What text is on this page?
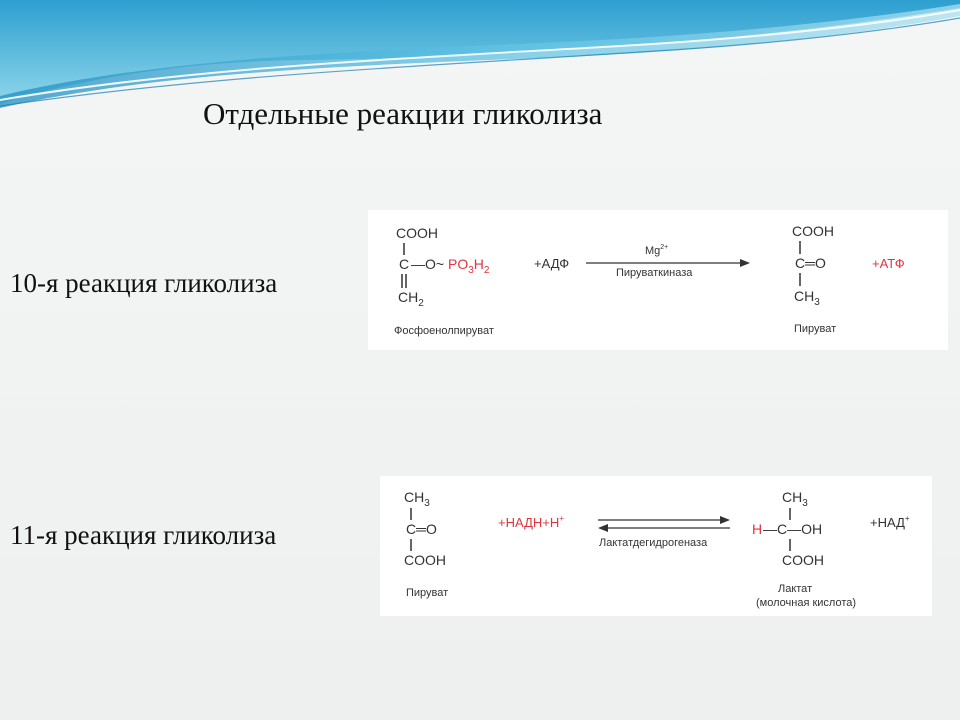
Отдельные реакции гликолиза
10-я реакция гликолиза
11-я реакция гликолиза
COOH
C —O~ $PO_3H_2$
$CH_2$
Фосфоенолпируват
+АДФ
$Mg^{2+}$
Пируваткиназа
COOH
C═O
$CH_3$
Пируват
+АТФ
$CH_3$
C═O
COOH
Пируват
+НАДН+Н+
Лактатдегидрогеназа
$CH_3$
H —C—OH
COOH
Лактат
(молочная кислота)
+НАД+
